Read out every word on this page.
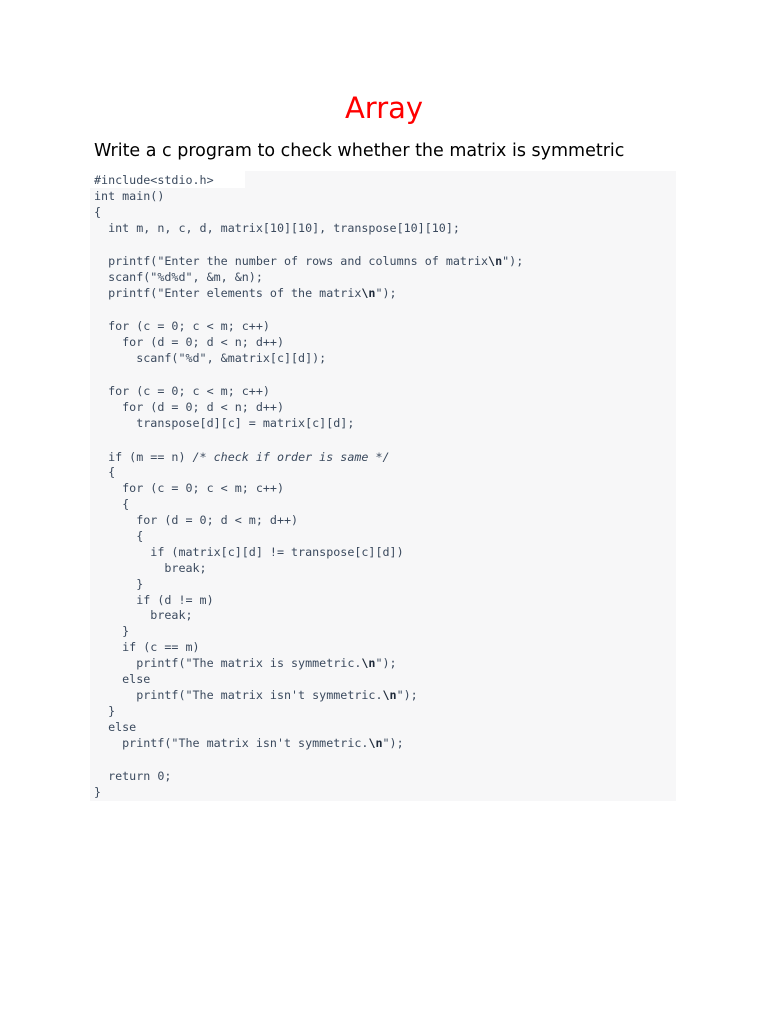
Array
Write a c program to check whether the matrix is symmetric
#include<stdio.h>
int main()
{
int m, n, c, d, matrix[10][10], transpose[10][10];
printf("Enter the number of rows and columns of matrix\n");
scanf("%d%d", &m, &n);
printf("Enter elements of the matrix\n");
for (c = 0; c < m; c++)
for (d = 0; d < n; d++)
scanf("%d", &matrix[c][d]);
for (c = 0; c < m; c++)
for (d = 0; d < n; d++)
transpose[d][c] = matrix[c][d];
if (m == n) /* check if order is same */
{
for (c = 0; c < m; c++)
{
for (d = 0; d < m; d++)
{
if (matrix[c][d] != transpose[c][d])
break;
}
if (d != m)
break;
}
if (c == m)
printf("The matrix is symmetric.\n");
else
printf("The matrix isn't symmetric.\n");
}
else
printf("The matrix isn't symmetric.\n");
return 0;
}
